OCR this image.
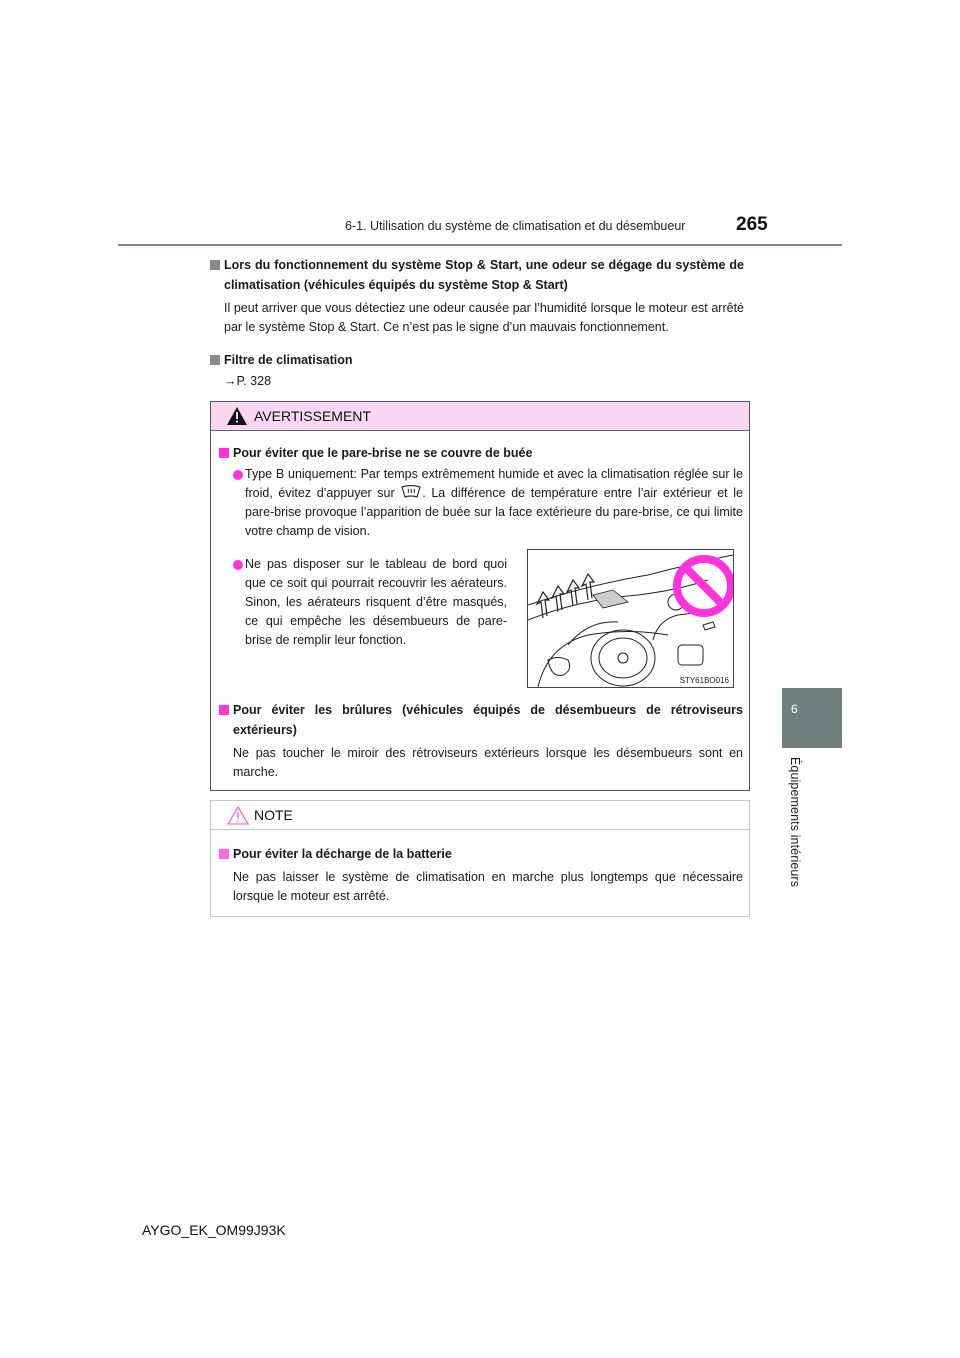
6-1. Utilisation du système de climatisation et du désembueur	265
6
Équipements intérieurs
Lors du fonctionnement du système Stop & Start, une odeur se dégage du système de climatisation (véhicules équipés du système Stop & Start)
Il peut arriver que vous détectiez une odeur causée par l’humidité lorsque le moteur est arrêté par le système Stop & Start. Ce n’est pas le signe d’un mauvais fonctionnement.
Filtre de climatisation
→P. 328
AVERTISSEMENT
Pour éviter que le pare-brise ne se couvre de buée
Type B uniquement: Par temps extrêmement humide et avec la climatisation réglée sur le froid, évitez d’appuyer sur . La différence de température entre l’air extérieur et le pare-brise provoque l’apparition de buée sur la face extérieure du pare-brise, ce qui limite votre champ de vision.
Ne pas disposer sur le tableau de bord quoi que ce soit qui pourrait recouvrir les aérateurs. Sinon, les aérateurs risquent d’être masqués, ce qui empêche les désembueurs de pare-brise de remplir leur fonction.
Pour éviter les brûlures (véhicules équipés de désembueurs de rétroviseurs extérieurs)
Ne pas toucher le miroir des rétroviseurs extérieurs lorsque les désembueurs sont en marche.
STY61BO016
NOTE
Pour éviter la décharge de la batterie
Ne pas laisser le système de climatisation en marche plus longtemps que nécessaire lorsque le moteur est arrêté.
AYGO_EK_OM99J93K
